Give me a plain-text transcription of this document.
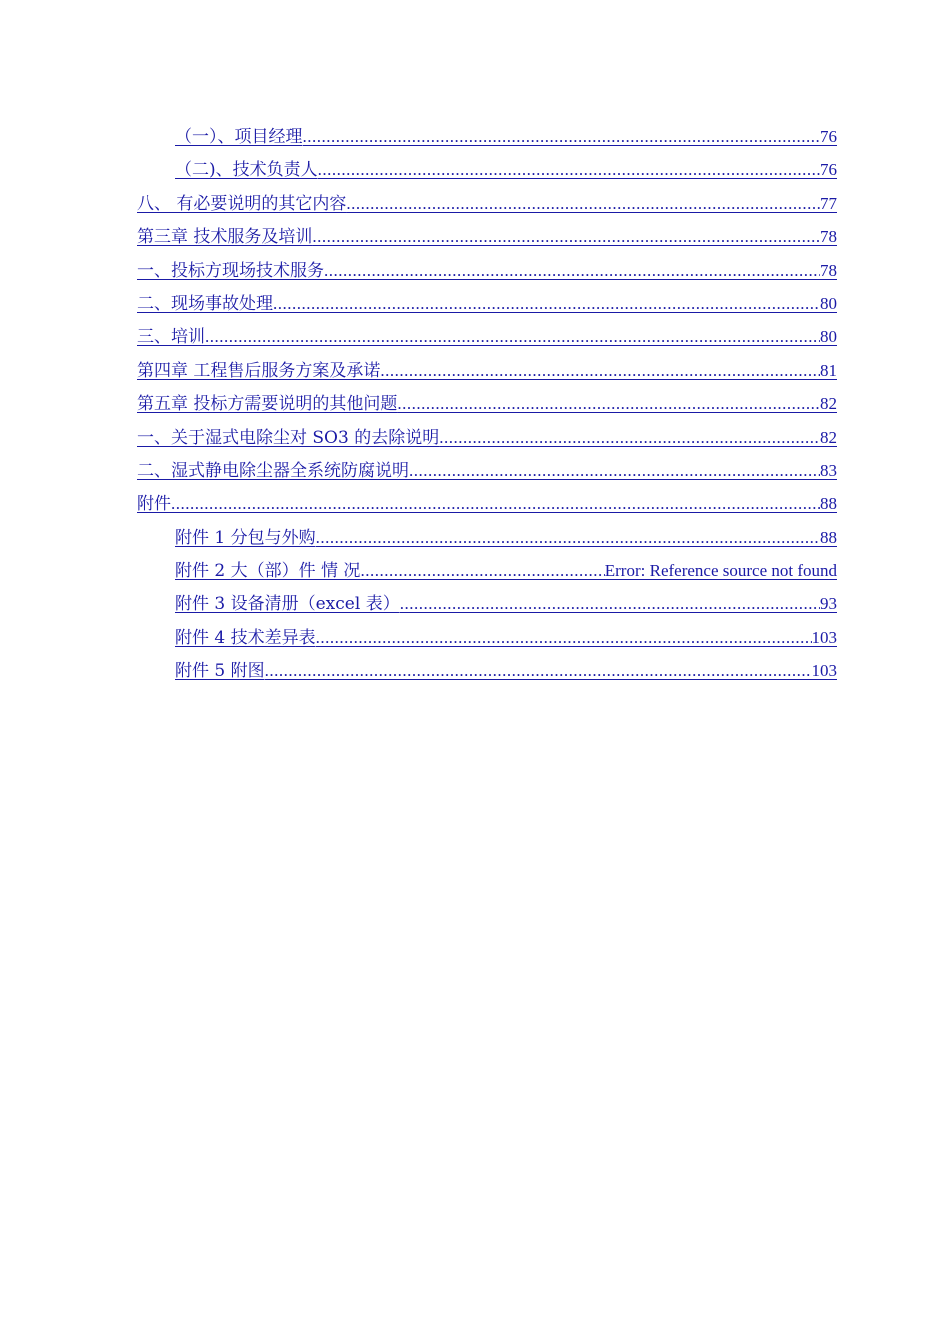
（一）、项目经理 .....	76
（二)、技术负责人 .....	76
八、 有必要说明的其它内容 .....	77
第三章 技术服务及培训 .....	78
一、投标方现场技术服务 .....	78
二、现场事故处理 .....	80
三、培训 .....	80
第四章 工程售后服务方案及承诺 .....	81
第五章 投标方需要说明的其他问题 .....	82
一、关于湿式电除尘对 SO3 的去除说明 .....	82
二、湿式静电除尘器全系统防腐说明 .....	83
附件 .....	88
附件 1 分包与外购 .....	88
附件 2 大（部）件 情 况 .....	Error: Reference source not found
附件 3 设备清册（excel 表） .....	93
附件 4 技术差异表 .....	103
附件 5 附图 .....	103
